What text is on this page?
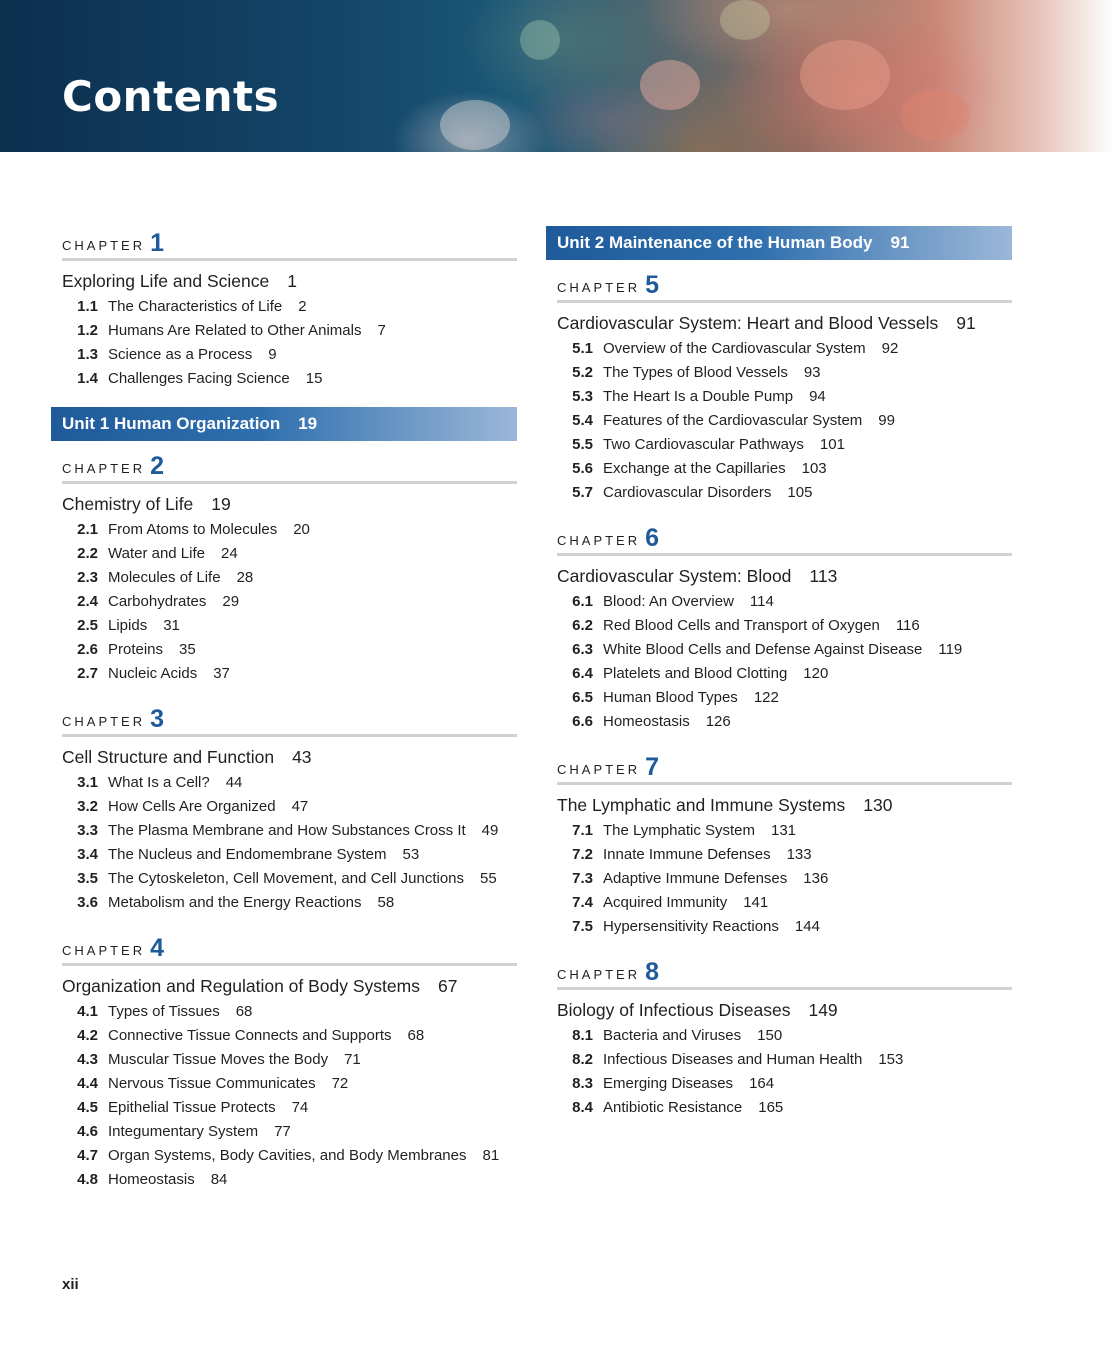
Contents
CHAPTER 1
Exploring Life and Science 1
1.1 The Characteristics of Life 2
1.2 Humans Are Related to Other Animals 7
1.3 Science as a Process 9
1.4 Challenges Facing Science 15
Unit 1 Human Organization 19
CHAPTER 2
Chemistry of Life 19
2.1 From Atoms to Molecules 20
2.2 Water and Life 24
2.3 Molecules of Life 28
2.4 Carbohydrates 29
2.5 Lipids 31
2.6 Proteins 35
2.7 Nucleic Acids 37
CHAPTER 3
Cell Structure and Function 43
3.1 What Is a Cell? 44
3.2 How Cells Are Organized 47
3.3 The Plasma Membrane and How Substances Cross It 49
3.4 The Nucleus and Endomembrane System 53
3.5 The Cytoskeleton, Cell Movement, and Cell Junctions 55
3.6 Metabolism and the Energy Reactions 58
CHAPTER 4
Organization and Regulation of Body Systems 67
4.1 Types of Tissues 68
4.2 Connective Tissue Connects and Supports 68
4.3 Muscular Tissue Moves the Body 71
4.4 Nervous Tissue Communicates 72
4.5 Epithelial Tissue Protects 74
4.6 Integumentary System 77
4.7 Organ Systems, Body Cavities, and Body Membranes 81
4.8 Homeostasis 84
Unit 2 Maintenance of the Human Body 91
CHAPTER 5
Cardiovascular System: Heart and Blood Vessels 91
5.1 Overview of the Cardiovascular System 92
5.2 The Types of Blood Vessels 93
5.3 The Heart Is a Double Pump 94
5.4 Features of the Cardiovascular System 99
5.5 Two Cardiovascular Pathways 101
5.6 Exchange at the Capillaries 103
5.7 Cardiovascular Disorders 105
CHAPTER 6
Cardiovascular System: Blood 113
6.1 Blood: An Overview 114
6.2 Red Blood Cells and Transport of Oxygen 116
6.3 White Blood Cells and Defense Against Disease 119
6.4 Platelets and Blood Clotting 120
6.5 Human Blood Types 122
6.6 Homeostasis 126
CHAPTER 7
The Lymphatic and Immune Systems 130
7.1 The Lymphatic System 131
7.2 Innate Immune Defenses 133
7.3 Adaptive Immune Defenses 136
7.4 Acquired Immunity 141
7.5 Hypersensitivity Reactions 144
CHAPTER 8
Biology of Infectious Diseases 149
8.1 Bacteria and Viruses 150
8.2 Infectious Diseases and Human Health 153
8.3 Emerging Diseases 164
8.4 Antibiotic Resistance 165
xii
